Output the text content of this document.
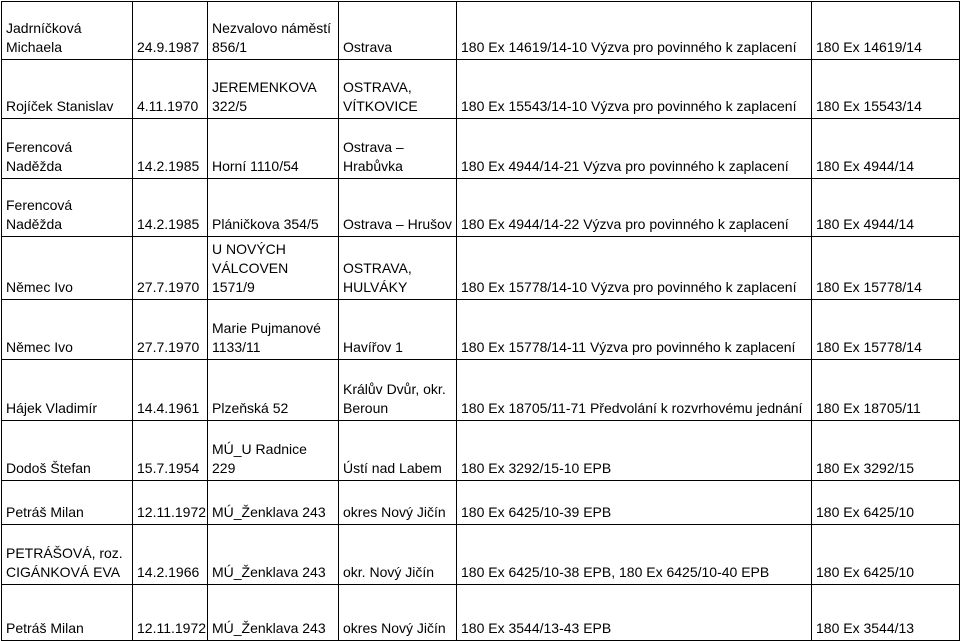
Jadrníčková Michaela	24.9.1987	Nezvalovo náměstí 856/1	Ostrava	180 Ex 14619/14-10 Výzva pro povinného k zaplacení	180 Ex 14619/14
Rojíček Stanislav	4.11.1970	JEREMENKOVA 322/5	OSTRAVA, VÍTKOVICE	180 Ex 15543/14-10 Výzva pro povinného k zaplacení	180 Ex 15543/14
Ferencová Naděžda	14.2.1985	Horní 1110/54	Ostrava – Hrabůvka	180 Ex 4944/14-21 Výzva pro povinného k zaplacení	180 Ex 4944/14
Ferencová Naděžda	14.2.1985	Pláničkova 354/5	Ostrava – Hrušov	180 Ex 4944/14-22 Výzva pro povinného k zaplacení	180 Ex 4944/14
Němec Ivo	27.7.1970	U NOVÝCH VÁLCOVEN 1571/9	OSTRAVA, HULVÁKY	180 Ex 15778/14-10 Výzva pro povinného k zaplacení	180 Ex 15778/14
Němec Ivo	27.7.1970	Marie Pujmanové 1133/11	Havířov 1	180 Ex 15778/14-11 Výzva pro povinného k zaplacení	180 Ex 15778/14
Hájek Vladimír	14.4.1961	Plzeňská 52	Králův Dvůr, okr. Beroun	180 Ex 18705/11-71 Předvolání k rozvrhovému jednání	180 Ex 18705/11
Dodoš Štefan	15.7.1954	MÚ_U Radnice 229	Ústí nad Labem	180 Ex 3292/15-10 EPB	180 Ex 3292/15
Petráš Milan	12.11.1972	MÚ_Ženklava 243	okres Nový Jičín	180 Ex 6425/10-39 EPB	180 Ex 6425/10
PETRÁŠOVÁ, roz. CIGÁNKOVÁ EVA	14.2.1966	MÚ_Ženklava 243	okr. Nový Jičín	180 Ex 6425/10-38 EPB, 180 Ex 6425/10-40 EPB	180 Ex 6425/10
Petráš Milan	12.11.1972	MÚ_Ženklava 243	okres Nový Jičín	180 Ex 3544/13-43 EPB	180 Ex 3544/13
